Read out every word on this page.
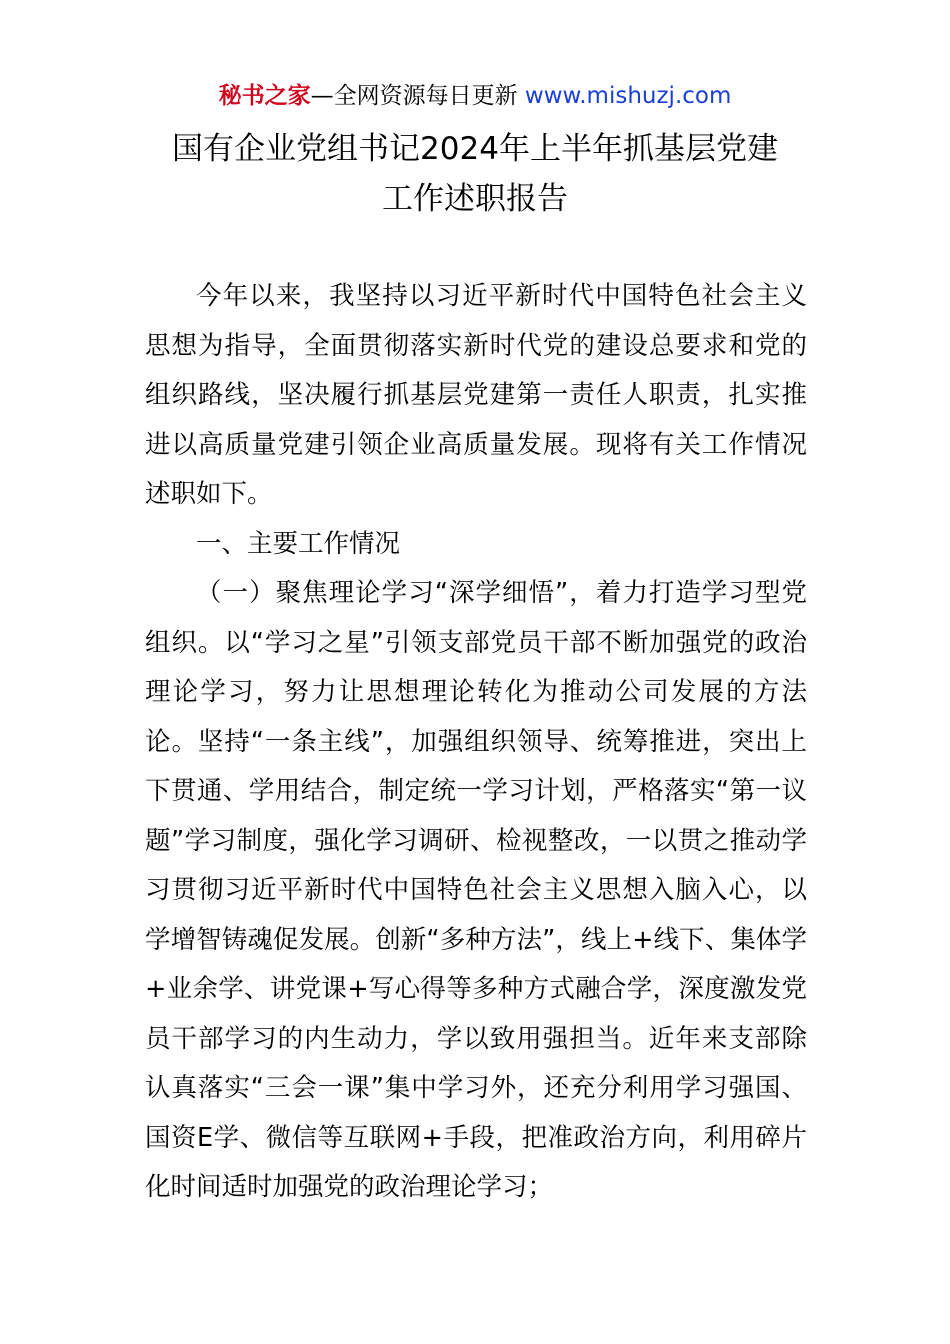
秘书之家—全网资源每日更新 www.mishuzj.com
国有企业党组书记2024年上半年抓基层党建
工作述职报告

今年以来，我坚持以习近平新时代中国特色社会主义思想为指导，全面贯彻落实新时代党的建设总要求和党的组织路线，坚决履行抓基层党建第一责任人职责，扎实推进以高质量党建引领企业高质量发展。现将有关工作情况述职如下。

一、主要工作情况

（一）聚焦理论学习“深学细悟”，着力打造学习型党组织。以“学习之星”引领支部党员干部不断加强党的政治理论学习，努力让思想理论转化为推动公司发展的方法论。坚持“一条主线”，加强组织领导、统筹推进，突出上下贯通、学用结合，制定统一学习计划，严格落实“第一议题”学习制度，强化学习调研、检视整改，一以贯之推动学习贯彻习近平新时代中国特色社会主义思想入脑入心，以学增智铸魂促发展。创新“多种方法”，线上+线下、集体学+业余学、讲党课+写心得等多种方式融合学，深度激发党员干部学习的内生动力，学以致用强担当。近年来支部除认真落实“三会一课”集中学习外，还充分利用学习强国、国资E学、微信等互联网+手段，把准政治方向，利用碎片化时间适时加强党的政治理论学习；
